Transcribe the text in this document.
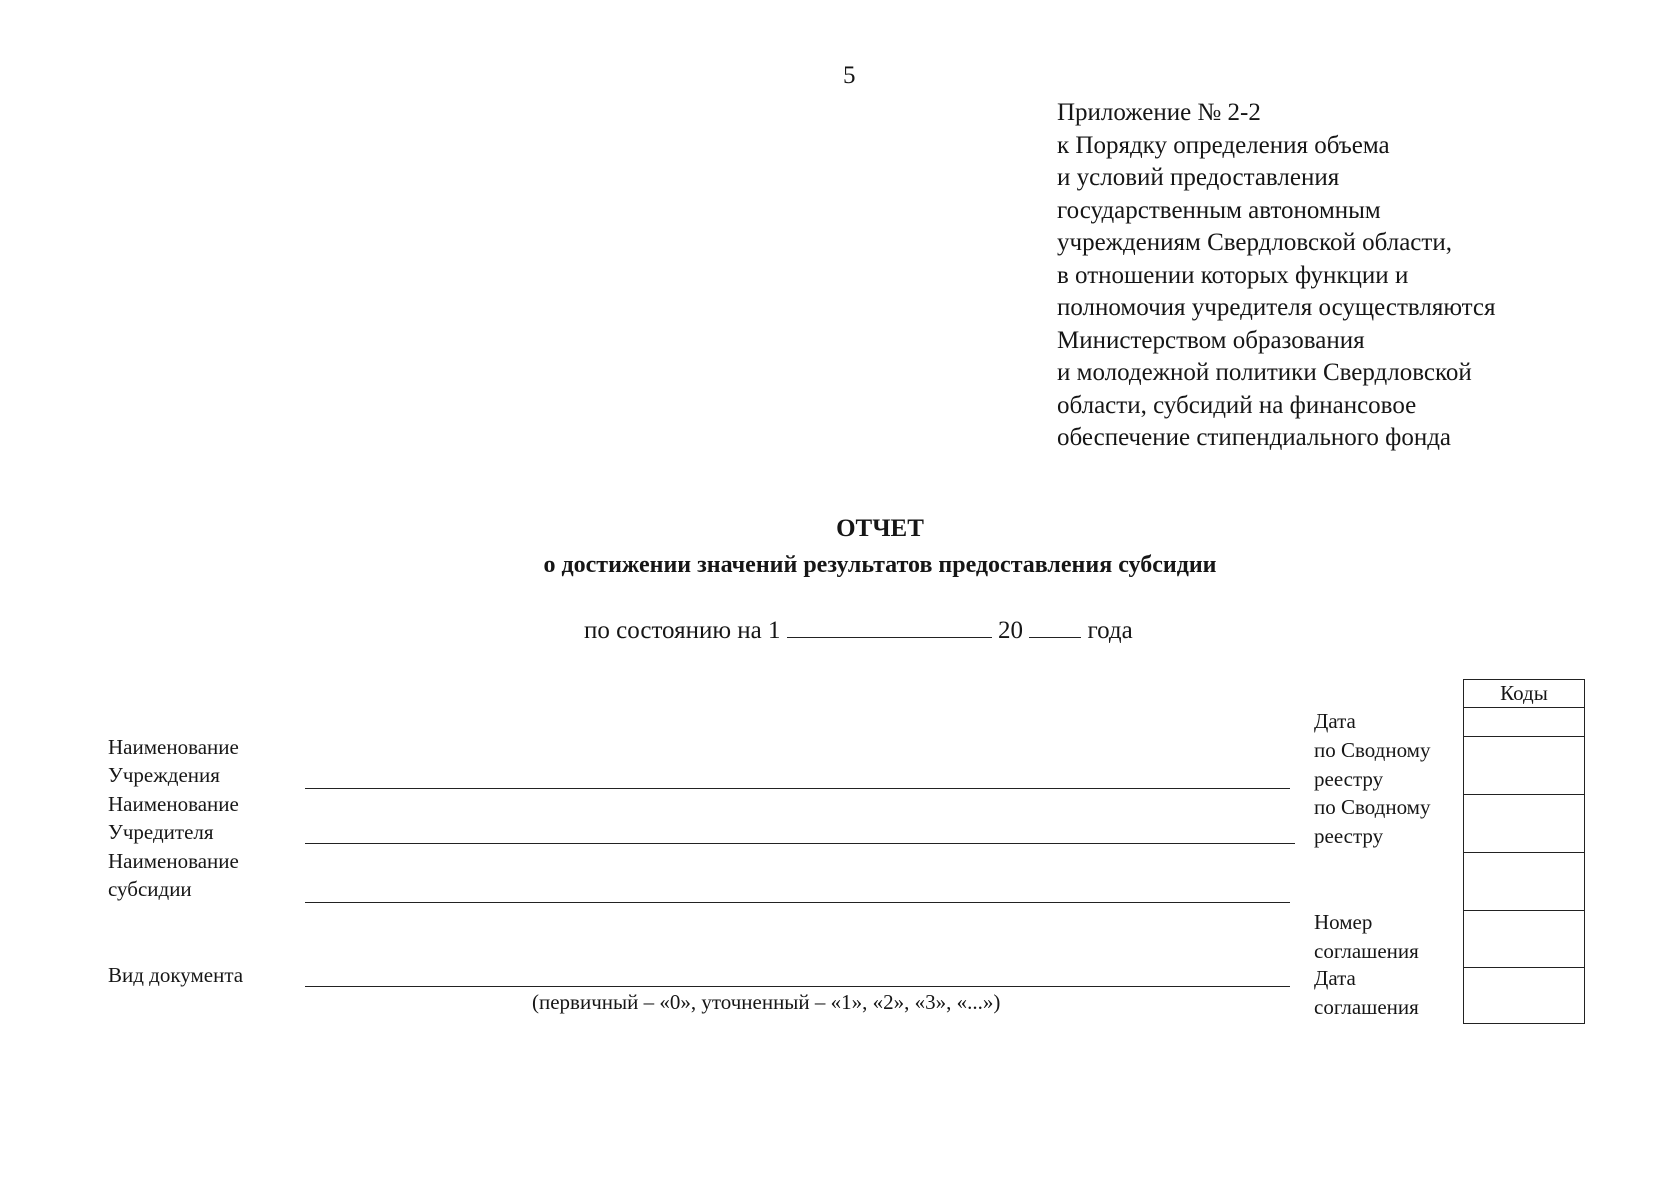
5
Приложение № 2-2
к Порядку определения объема
и условий предоставления
государственным автономным
учреждениям Свердловской области,
в отношении которых функции и
полномочия учредителя осуществляются
Министерством образования
и молодежной политики Свердловской
области, субсидий на финансовое
обеспечение стипендиального фонда
ОТЧЕТ
о достижении значений результатов предоставления субсидии
по состоянию на 1	20	года
Наименование
Учреждения
Наименование
Учредителя
Наименование
субсидии
Вид документа
(первичный – «0», уточненный – «1», «2», «3», «...»)
Дата
по Сводному
реестру
по Сводному
реестру
Номер
соглашения
Дата
соглашения
Коды
